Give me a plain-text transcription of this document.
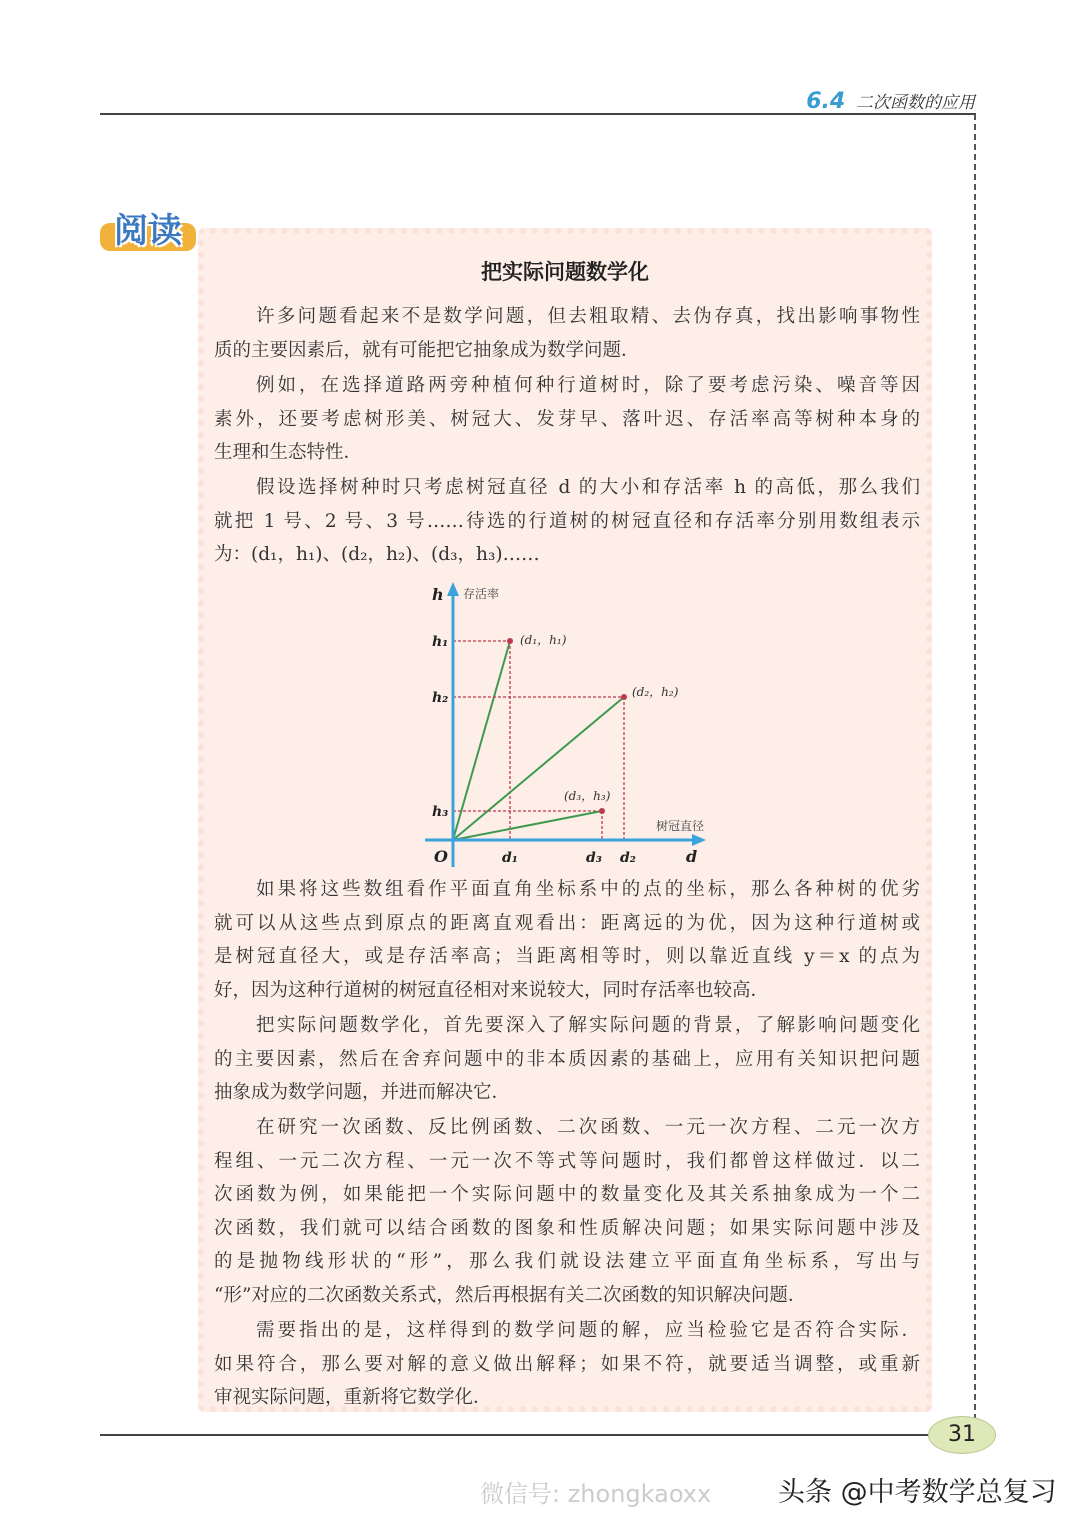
6.4 二次函数的应用
阅读
把实际问题数学化
许多问题看起来不是数学问题，但去粗取精、去伪存真，找出影响事物性
质的主要因素后，就有可能把它抽象成为数学问题．
例如，在选择道路两旁种植何种行道树时，除了要考虑污染、噪音等因
素外，还要考虑树形美、树冠大、发芽早、落叶迟、存活率高等树种本身的
生理和生态特性．
假设选择树种时只考虑树冠直径 d 的大小和存活率 h 的高低，那么我们
就把 1 号、2 号、3 号……待选的行道树的树冠直径和存活率分别用数组表示
为：(d₁，h₁)、(d₂，h₂)、(d₃，h₃)……
如果将这些数组看作平面直角坐标系中的点的坐标，那么各种树的优劣
就可以从这些点到原点的距离直观看出：距离远的为优，因为这种行道树或
是树冠直径大，或是存活率高；当距离相等时，则以靠近直线 y＝x 的点为
好，因为这种行道树的树冠直径相对来说较大，同时存活率也较高．
把实际问题数学化，首先要深入了解实际问题的背景，了解影响问题变化
的主要因素，然后在舍弃问题中的非本质因素的基础上，应用有关知识把问题
抽象成为数学问题，并进而解决它．
在研究一次函数、反比例函数、二次函数、一元一次方程、二元一次方
程组、一元二次方程、一元一次不等式等问题时，我们都曾这样做过．以二
次函数为例，如果能把一个实际问题中的数量变化及其关系抽象成为一个二
次函数，我们就可以结合函数的图象和性质解决问题；如果实际问题中涉及
的是抛物线形状的“形”，那么我们就设法建立平面直角坐标系，写出与
“形”对应的二次函数关系式，然后再根据有关二次函数的知识解决问题．
需要指出的是，这样得到的数学问题的解，应当检验它是否符合实际．
如果符合，那么要对解的意义做出解释；如果不符，就要适当调整，或重新
审视实际问题，重新将它数学化．
(d₁，h₁)
h₁
d₁
(d₂，h₂)
h₂
d₂
(d₃，h₃)
h₃
d₃
h 存活率
d
树冠直径
O
31
微信号: zhongkaoxx 头条 @中考数学总复习
